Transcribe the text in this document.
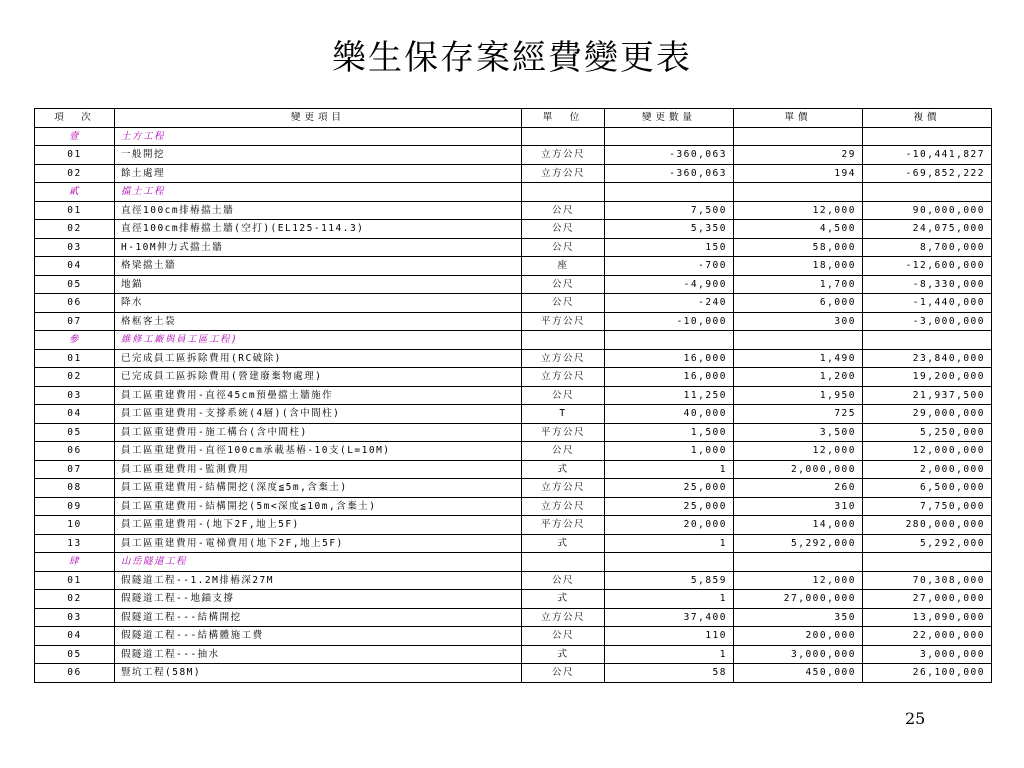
樂生保存案經費變更表
項　次	變更項目	單　位	變更數量	單價	複價
壹	土方工程				
01	一般開挖	立方公尺	-360,063	29	-10,441,827
02	餘土處理	立方公尺	-360,063	194	-69,852,222
貳	擋土工程				
01	直徑100cm排樁擋土牆	公尺	7,500	12,000	90,000,000
02	直徑100cm排樁擋土牆(空打)(EL125-114.3)	公尺	5,350	4,500	24,075,000
03	H-10M伸力式擋土牆	公尺	150	58,000	8,700,000
04	格梁擋土牆	座	-700	18,000	-12,600,000
05	地錨	公尺	-4,900	1,700	-8,330,000
06	降水	公尺	-240	6,000	-1,440,000
07	格框客土袋	平方公尺	-10,000	300	-3,000,000
參	維修工廠與員工區工程)				
01	已完成員工區拆除費用(RC破除)	立方公尺	16,000	1,490	23,840,000
02	已完成員工區拆除費用(營建廢棄物處理)	立方公尺	16,000	1,200	19,200,000
03	員工區重建費用-直徑45cm預壘擋土牆施作	公尺	11,250	1,950	21,937,500
04	員工區重建費用-支撐系統(4層)(含中間柱)	T	40,000	725	29,000,000
05	員工區重建費用-施工構台(含中間柱)	平方公尺	1,500	3,500	5,250,000
06	員工區重建費用-直徑100cm承載基樁-10支(L=10M)	公尺	1,000	12,000	12,000,000
07	員工區重建費用-監測費用	式	1	2,000,000	2,000,000
08	員工區重建費用-結構開挖(深度≦5m,含棄土)	立方公尺	25,000	260	6,500,000
09	員工區重建費用-結構開挖(5m<深度≦10m,含棄土)	立方公尺	25,000	310	7,750,000
10	員工區重建費用-(地下2F,地上5F)	平方公尺	20,000	14,000	280,000,000
13	員工區重建費用-電梯費用(地下2F,地上5F)	式	1	5,292,000	5,292,000
肆	山岳隧道工程				
01	假隧道工程--1.2M排樁深27M	公尺	5,859	12,000	70,308,000
02	假隧道工程--地錨支撐	式	1	27,000,000	27,000,000
03	假隧道工程---結構開挖	立方公尺	37,400	350	13,090,000
04	假隧道工程---結構體施工費	公尺	110	200,000	22,000,000
05	假隧道工程---抽水	式	1	3,000,000	3,000,000
06	豎坑工程(58M)	公尺	58	450,000	26,100,000
25
